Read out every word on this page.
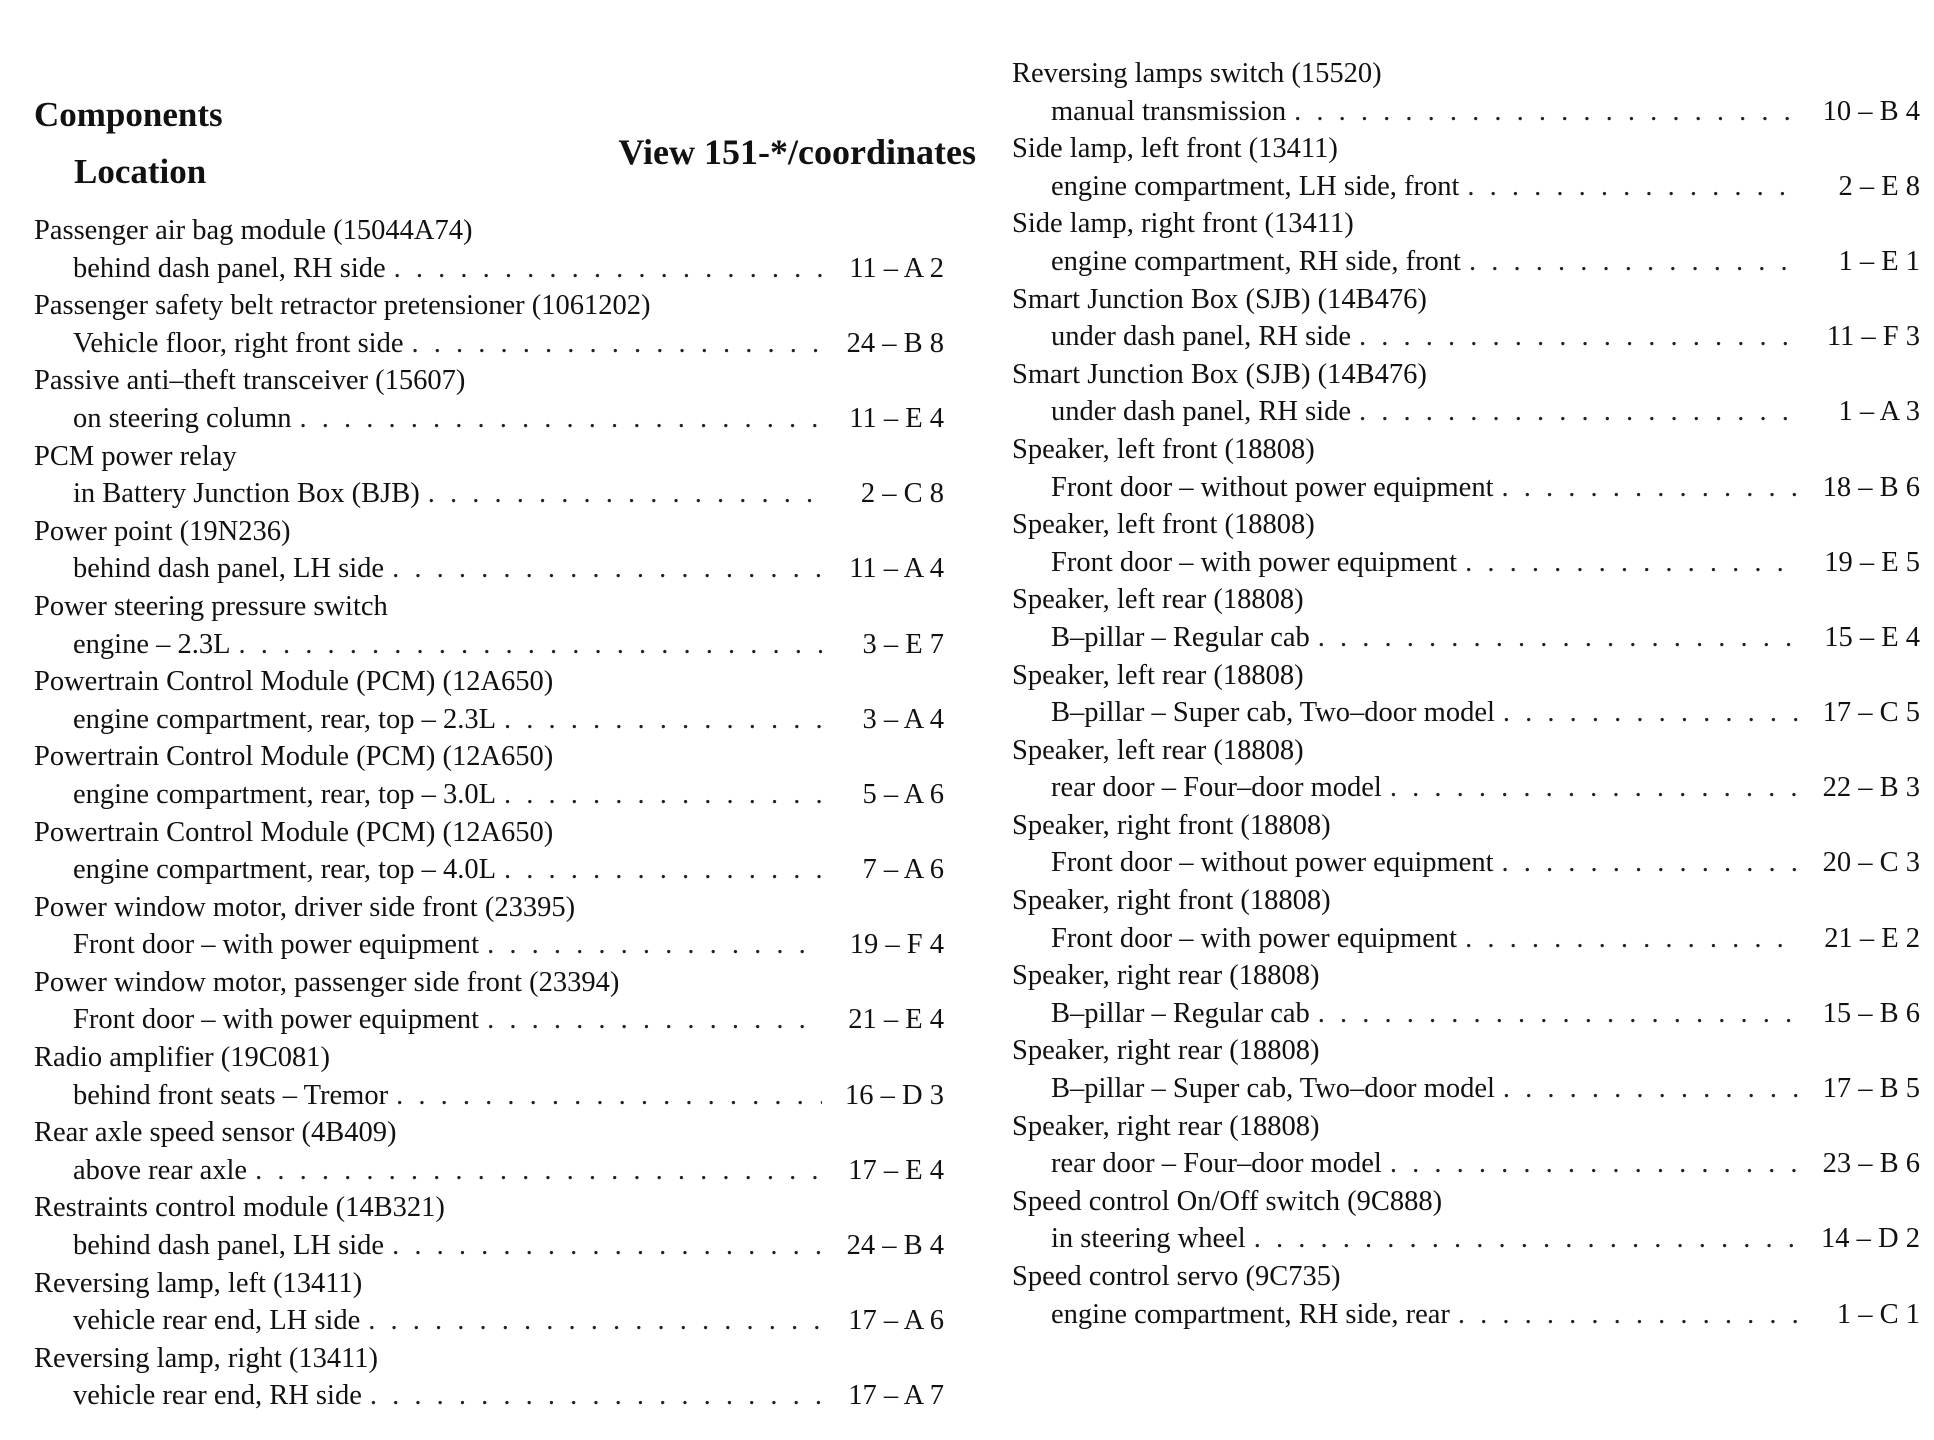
Components
Location	View 151-*/coordinates
Passenger air bag module (15044A74)
behind dash panel, RH side . . .	11 – A 2
Passenger safety belt retractor pretensioner (1061202)
Vehicle floor, right front side . . .	24 – B 8
Passive anti–theft transceiver (15607)
on steering column . . .	11 – E 4
PCM power relay
in Battery Junction Box (BJB) . . .	2 – C 8
Power point (19N236)
behind dash panel, LH side . . .	11 – A 4
Power steering pressure switch
engine – 2.3L . . .	3 – E 7
Powertrain Control Module (PCM) (12A650)
engine compartment, rear, top – 2.3L . . .	3 – A 4
Powertrain Control Module (PCM) (12A650)
engine compartment, rear, top – 3.0L . . .	5 – A 6
Powertrain Control Module (PCM) (12A650)
engine compartment, rear, top – 4.0L . . .	7 – A 6
Power window motor, driver side front (23395)
Front door – with power equipment . . .	19 – F 4
Power window motor, passenger side front (23394)
Front door – with power equipment . . .	21 – E 4
Radio amplifier (19C081)
behind front seats – Tremor . . .	16 – D 3
Rear axle speed sensor (4B409)
above rear axle . . .	17 – E 4
Restraints control module (14B321)
behind dash panel, LH side . . .	24 – B 4
Reversing lamp, left (13411)
vehicle rear end, LH side . . .	17 – A 6
Reversing lamp, right (13411)
vehicle rear end, RH side . . .	17 – A 7
Reversing lamps switch (15520)
manual transmission . . .	10 – B 4
Side lamp, left front (13411)
engine compartment, LH side, front . . .	2 – E 8
Side lamp, right front (13411)
engine compartment, RH side, front . . .	1 – E 1
Smart Junction Box (SJB) (14B476)
under dash panel, RH side . . .	11 – F 3
Smart Junction Box (SJB) (14B476)
under dash panel, RH side . . .	1 – A 3
Speaker, left front (18808)
Front door – without power equipment . . .	18 – B 6
Speaker, left front (18808)
Front door – with power equipment . . .	19 – E 5
Speaker, left rear (18808)
B–pillar – Regular cab . . .	15 – E 4
Speaker, left rear (18808)
B–pillar – Super cab, Two–door model . . .	17 – C 5
Speaker, left rear (18808)
rear door – Four–door model . . .	22 – B 3
Speaker, right front (18808)
Front door – without power equipment . . .	20 – C 3
Speaker, right front (18808)
Front door – with power equipment . . .	21 – E 2
Speaker, right rear (18808)
B–pillar – Regular cab . . .	15 – B 6
Speaker, right rear (18808)
B–pillar – Super cab, Two–door model . . .	17 – B 5
Speaker, right rear (18808)
rear door – Four–door model . . .	23 – B 6
Speed control On/Off switch (9C888)
in steering wheel . . .	14 – D 2
Speed control servo (9C735)
engine compartment, RH side, rear . . .	1 – C 1
